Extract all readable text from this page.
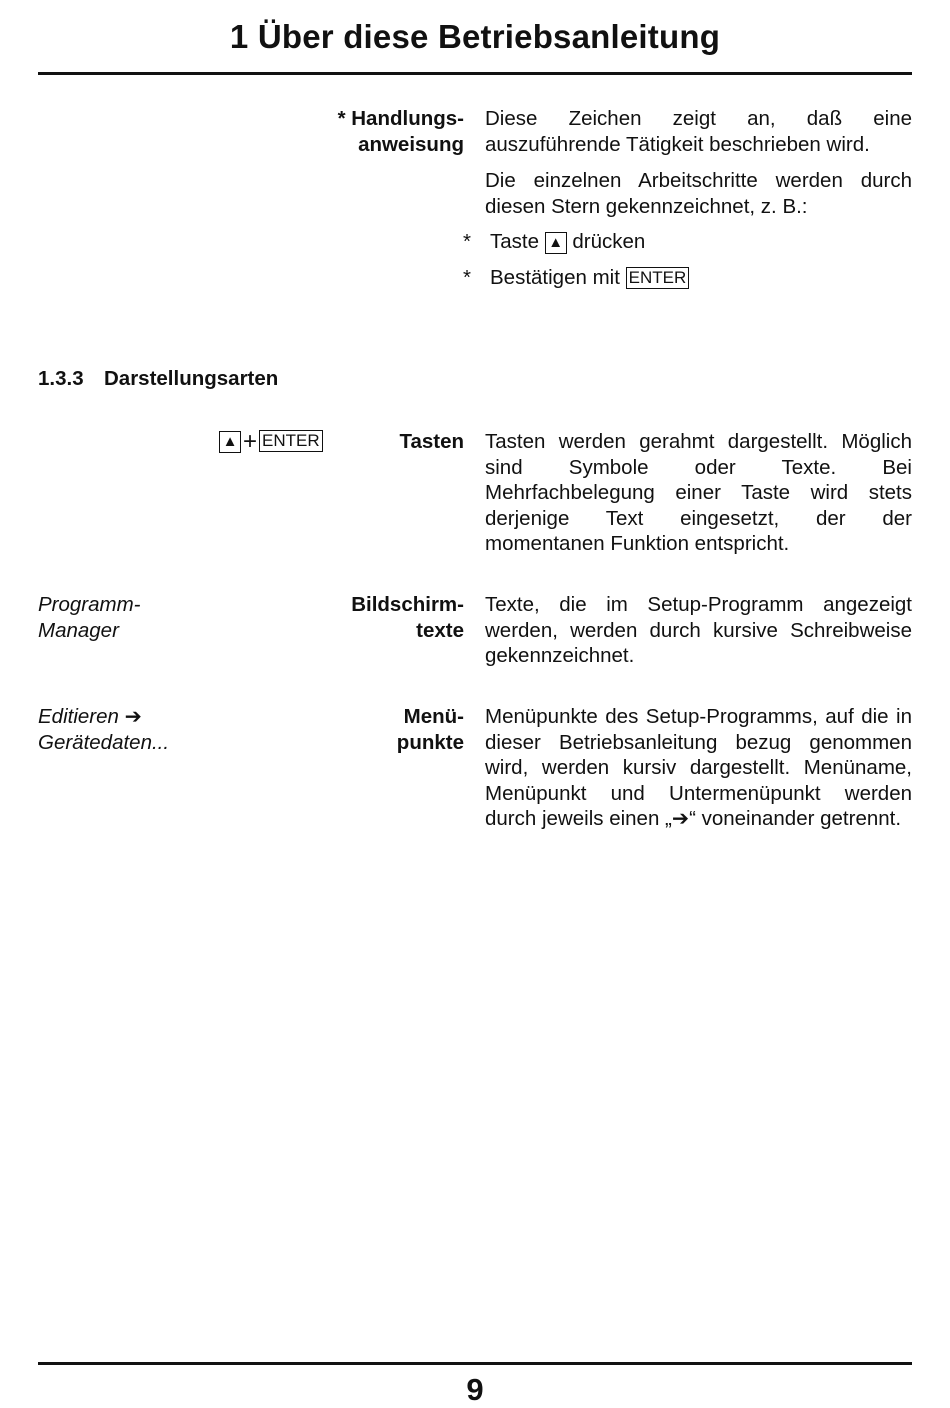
1 Über diese Betriebsanleitung
* Handlungs-
anweisung
Diese Zeichen zeigt an, daß eine auszuführende Tätigkeit beschrieben wird.
Die einzelnen Arbeitschritte werden durch diesen Stern gekennzeichnet, z. B.:
* Taste ▲ drücken
* Bestätigen mit ENTER
1.3.3 Darstellungsarten
▲ + ENTER	Tasten Tasten werden gerahmt dargestellt. Möglich sind Symbole oder Texte. Bei Mehrfachbelegung einer Taste wird stets derjenige Text eingesetzt, der der momentanen Funktion entspricht.
Programm-
Manager
Bildschirm-
texte
Texte, die im Setup-Programm angezeigt werden, werden durch kursive Schreibweise gekennzeichnet.
Editieren ➔
Gerätedaten...
Menü-
punkte
Menüpunkte des Setup-Programms, auf die in dieser Betriebsanleitung bezug genommen wird, werden kursiv dargestellt. Menüname, Menüpunkt und Untermenüpunkt werden durch jeweils einen „➔“ voneinander getrennt.
9
